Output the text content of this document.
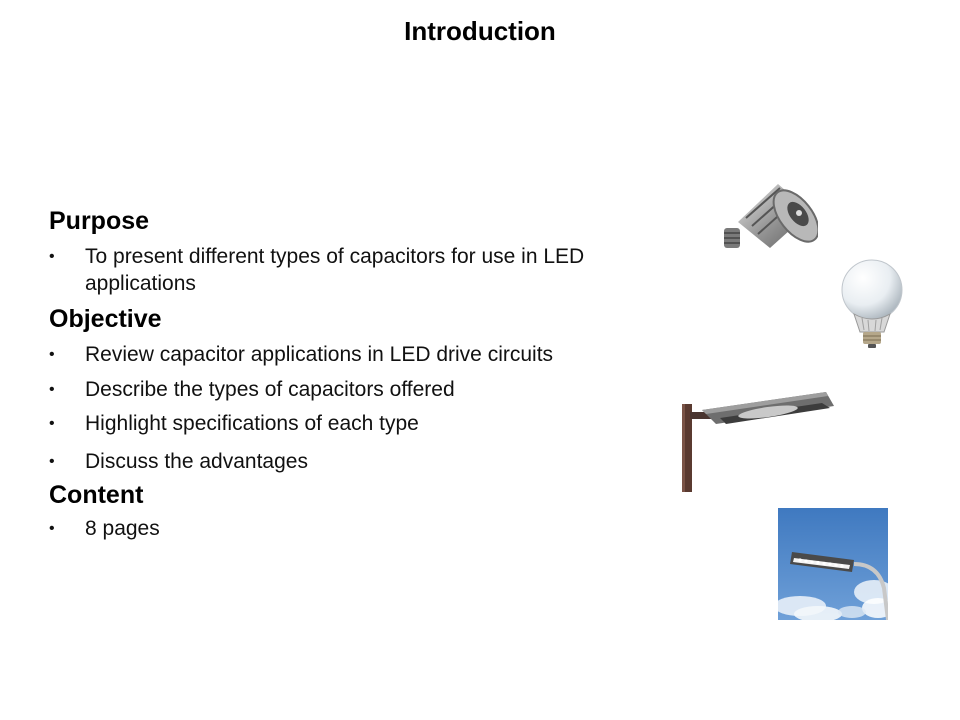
Introduction
Purpose
• To present different types of capacitors for use in LED applications
Objective
• Review capacitor applications in LED drive circuits
• Describe the types of capacitors offered
• Highlight specifications of each type
• Discuss the advantages
Content
• 8 pages
